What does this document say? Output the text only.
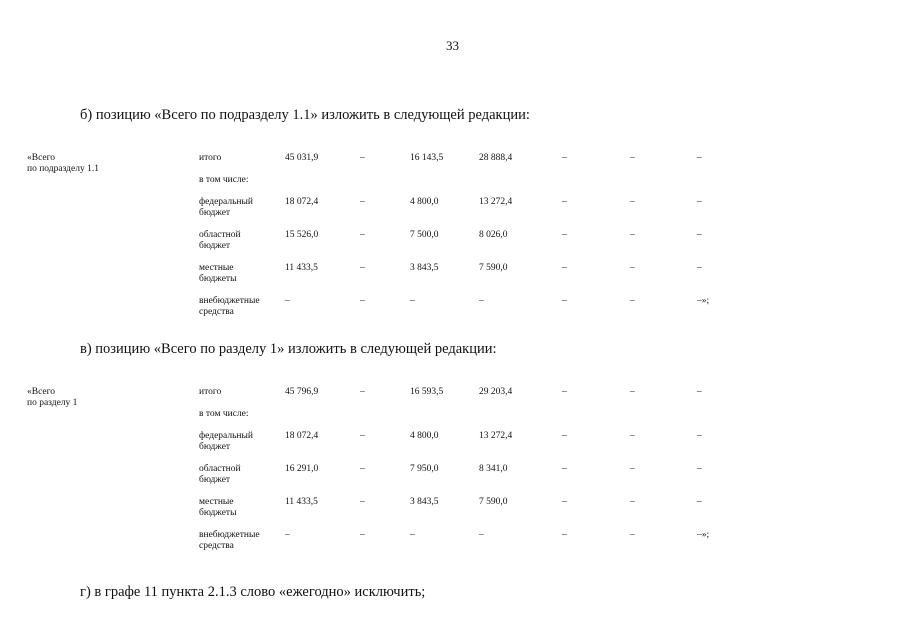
33
б) позицию «Всего по подразделу 1.1» изложить в следующей редакции:
«Всего
по подразделу 1.1
итого	45 031,9	–	16 143,5	28 888,4	–	–	–
в том числе:
федеральный
бюджет
18 072,4	–	4 800,0	13 272,4	–	–	–
областной
бюджет
15 526,0	–	7 500,0	8 026,0	–	–	–
местные
бюджеты
11 433,5	–	3 843,5	7 590,0	–	–	–
внебюджетные
средства
–	–	–	–	–	–	–»;
в) позицию «Всего по разделу 1» изложить в следующей редакции:
«Всего
по разделу 1
итого	45 796,9	–	16 593,5	29 203,4	–	–	–
в том числе:
федеральный
бюджет
18 072,4	–	4 800,0	13 272,4	–	–	–
областной
бюджет
16 291,0	–	7 950,0	8 341,0	–	–	–
местные
бюджеты
11 433,5	–	3 843,5	7 590,0	–	–	–
внебюджетные
средства
–	–	–	–	–	–	–»;
г) в графе 11 пункта 2.1.3 слово «ежегодно» исключить;
